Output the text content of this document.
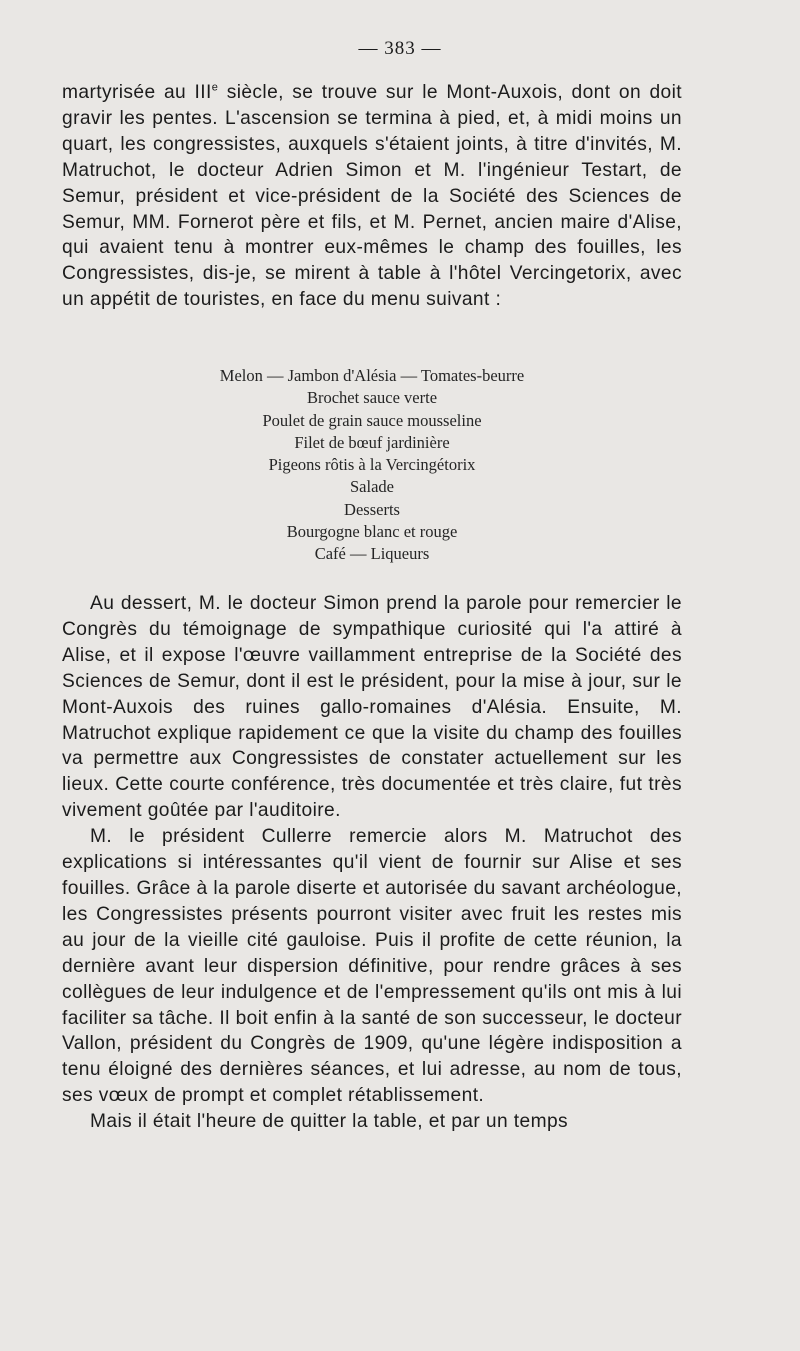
— 383 —

martyrisée au IIIe siècle, se trouve sur le Mont-Auxois, dont on doit gravir les pentes. L'ascension se termina à pied, et, à midi moins un quart, les congressistes, auxquels s'étaient joints, à titre d'invités, M. Matruchot, le docteur Adrien Simon et M. l'ingénieur Testart, de Semur, président et vice-président de la Société des Sciences de Semur, MM. Fornerot père et fils, et M. Pernet, ancien maire d'Alise, qui avaient tenu à montrer eux-mêmes le champ des fouilles, les Congressistes, dis-je, se mirent à table à l'hôtel Vercingetorix, avec un appétit de touristes, en face du menu suivant :

Melon — Jambon d'Alésia — Tomates-beurre
Brochet sauce verte
Poulet de grain sauce mousseline
Filet de bœuf jardinière
Pigeons rôtis à la Vercingétorix
Salade
Desserts
Bourgogne blanc et rouge
Café — Liqueurs

Au dessert, M. le docteur Simon prend la parole pour remercier le Congrès du témoignage de sympathique curiosité qui l'a attiré à Alise, et il expose l'œuvre vaillamment entreprise de la Société des Sciences de Semur, dont il est le président, pour la mise à jour, sur le Mont-Auxois des ruines gallo-romaines d'Alésia. Ensuite, M. Matruchot explique rapidement ce que la visite du champ des fouilles va permettre aux Congressistes de constater actuellement sur les lieux. Cette courte conférence, très documentée et très claire, fut très vivement goûtée par l'auditoire.

M. le président Cullerre remercie alors M. Matruchot des explications si intéressantes qu'il vient de fournir sur Alise et ses fouilles. Grâce à la parole diserte et autorisée du savant archéologue, les Congressistes présents pourront visiter avec fruit les restes mis au jour de la vieille cité gauloise. Puis il profite de cette réunion, la dernière avant leur dispersion définitive, pour rendre grâces à ses collègues de leur indulgence et de l'empressement qu'ils ont mis à lui faciliter sa tâche. Il boit enfin à la santé de son successeur, le docteur Vallon, président du Congrès de 1909, qu'une légère indisposition a tenu éloigné des dernières séances, et lui adresse, au nom de tous, ses vœux de prompt et complet rétablissement.

Mais il était l'heure de quitter la table, et par un temps
